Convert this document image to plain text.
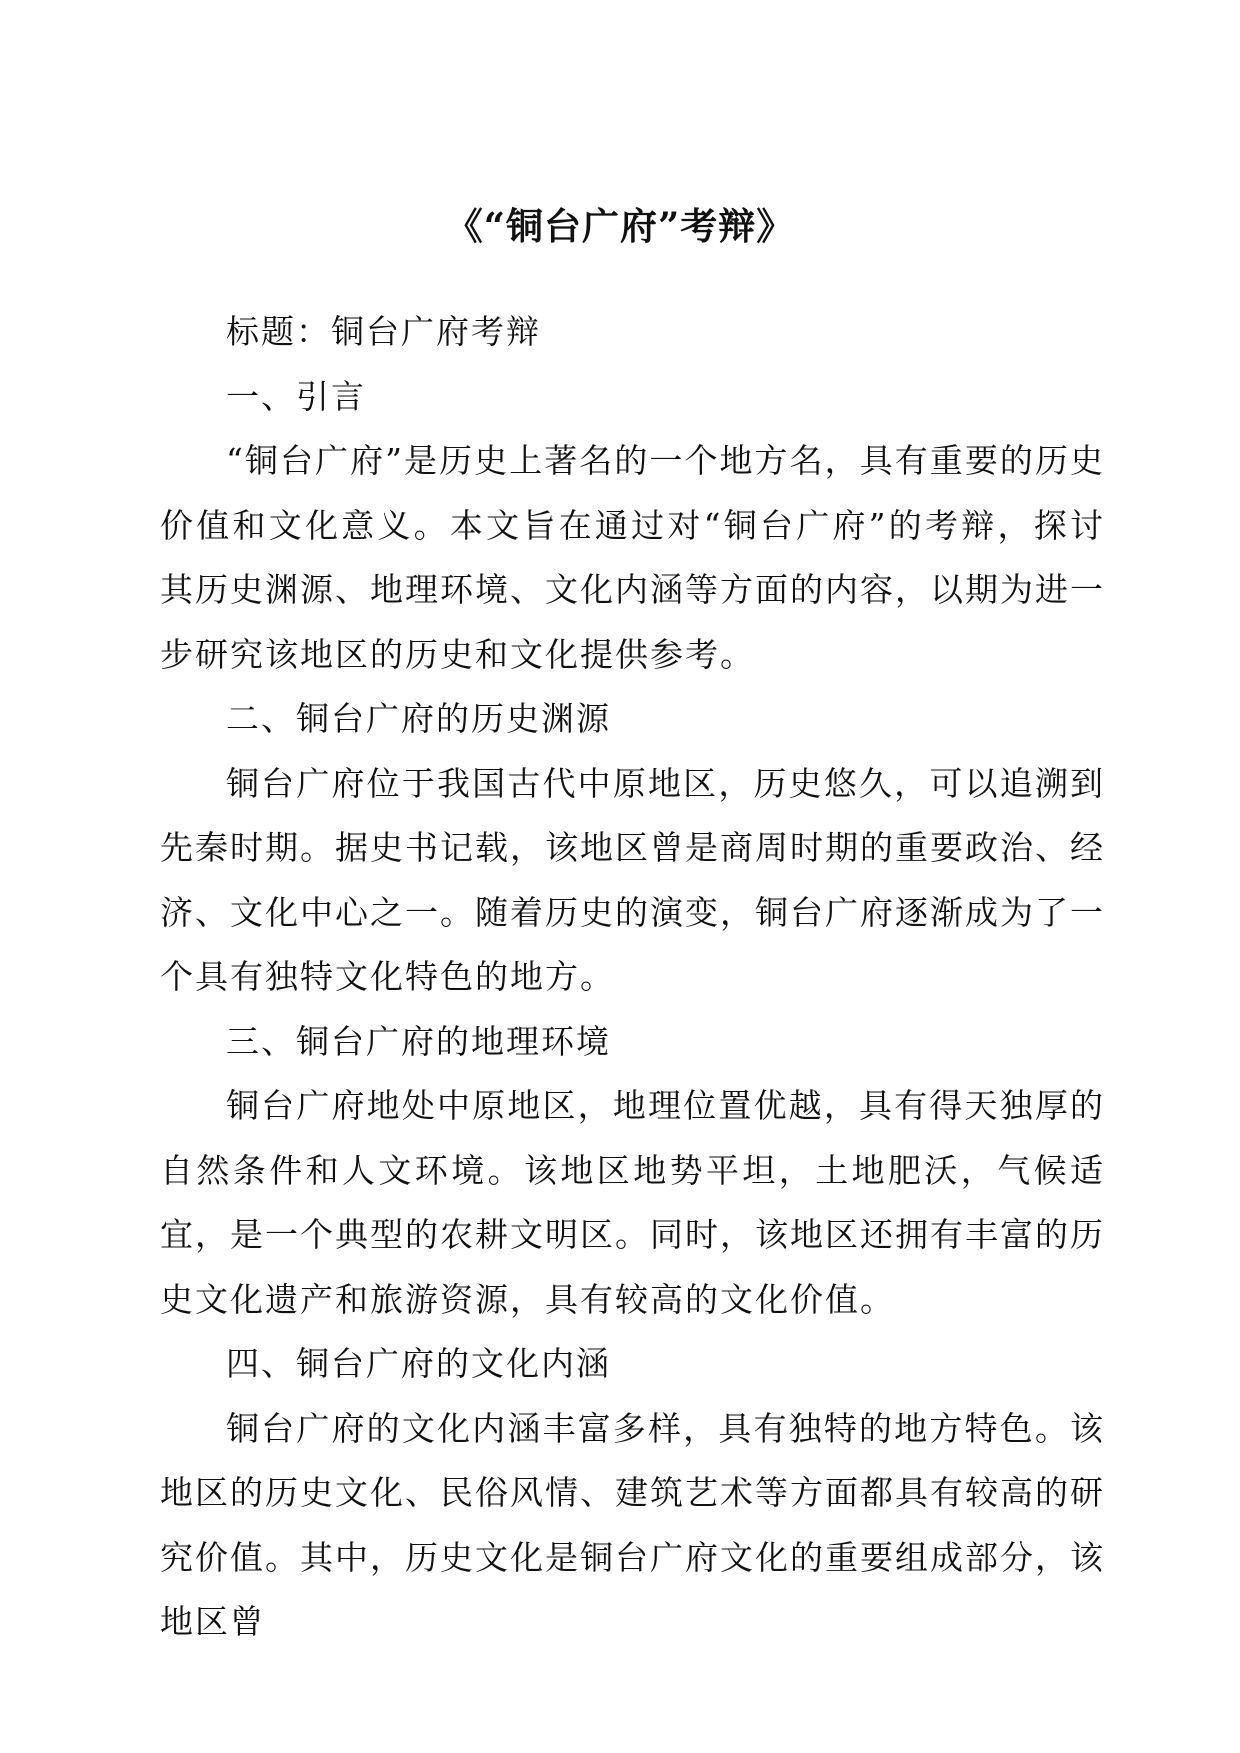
《“铜台广府”考辩》

标题：铜台广府考辩

一、引言

“铜台广府”是历史上著名的一个地方名，具有重要的历史价值和文化意义。本文旨在通过对“铜台广府”的考辩，探讨其历史渊源、地理环境、文化内涵等方面的内容，以期为进一步研究该地区的历史和文化提供参考。

二、铜台广府的历史渊源

铜台广府位于我国古代中原地区，历史悠久，可以追溯到先秦时期。据史书记载，该地区曾是商周时期的重要政治、经济、文化中心之一。随着历史的演变，铜台广府逐渐成为了一个具有独特文化特色的地方。

三、铜台广府的地理环境

铜台广府地处中原地区，地理位置优越，具有得天独厚的自然条件和人文环境。该地区地势平坦，土地肥沃，气候适宜，是一个典型的农耕文明区。同时，该地区还拥有丰富的历史文化遗产和旅游资源，具有较高的文化价值。

四、铜台广府的文化内涵

铜台广府的文化内涵丰富多样，具有独特的地方特色。该地区的历史文化、民俗风情、建筑艺术等方面都具有较高的研究价值。其中，历史文化是铜台广府文化的重要组成部分，该地区曾
